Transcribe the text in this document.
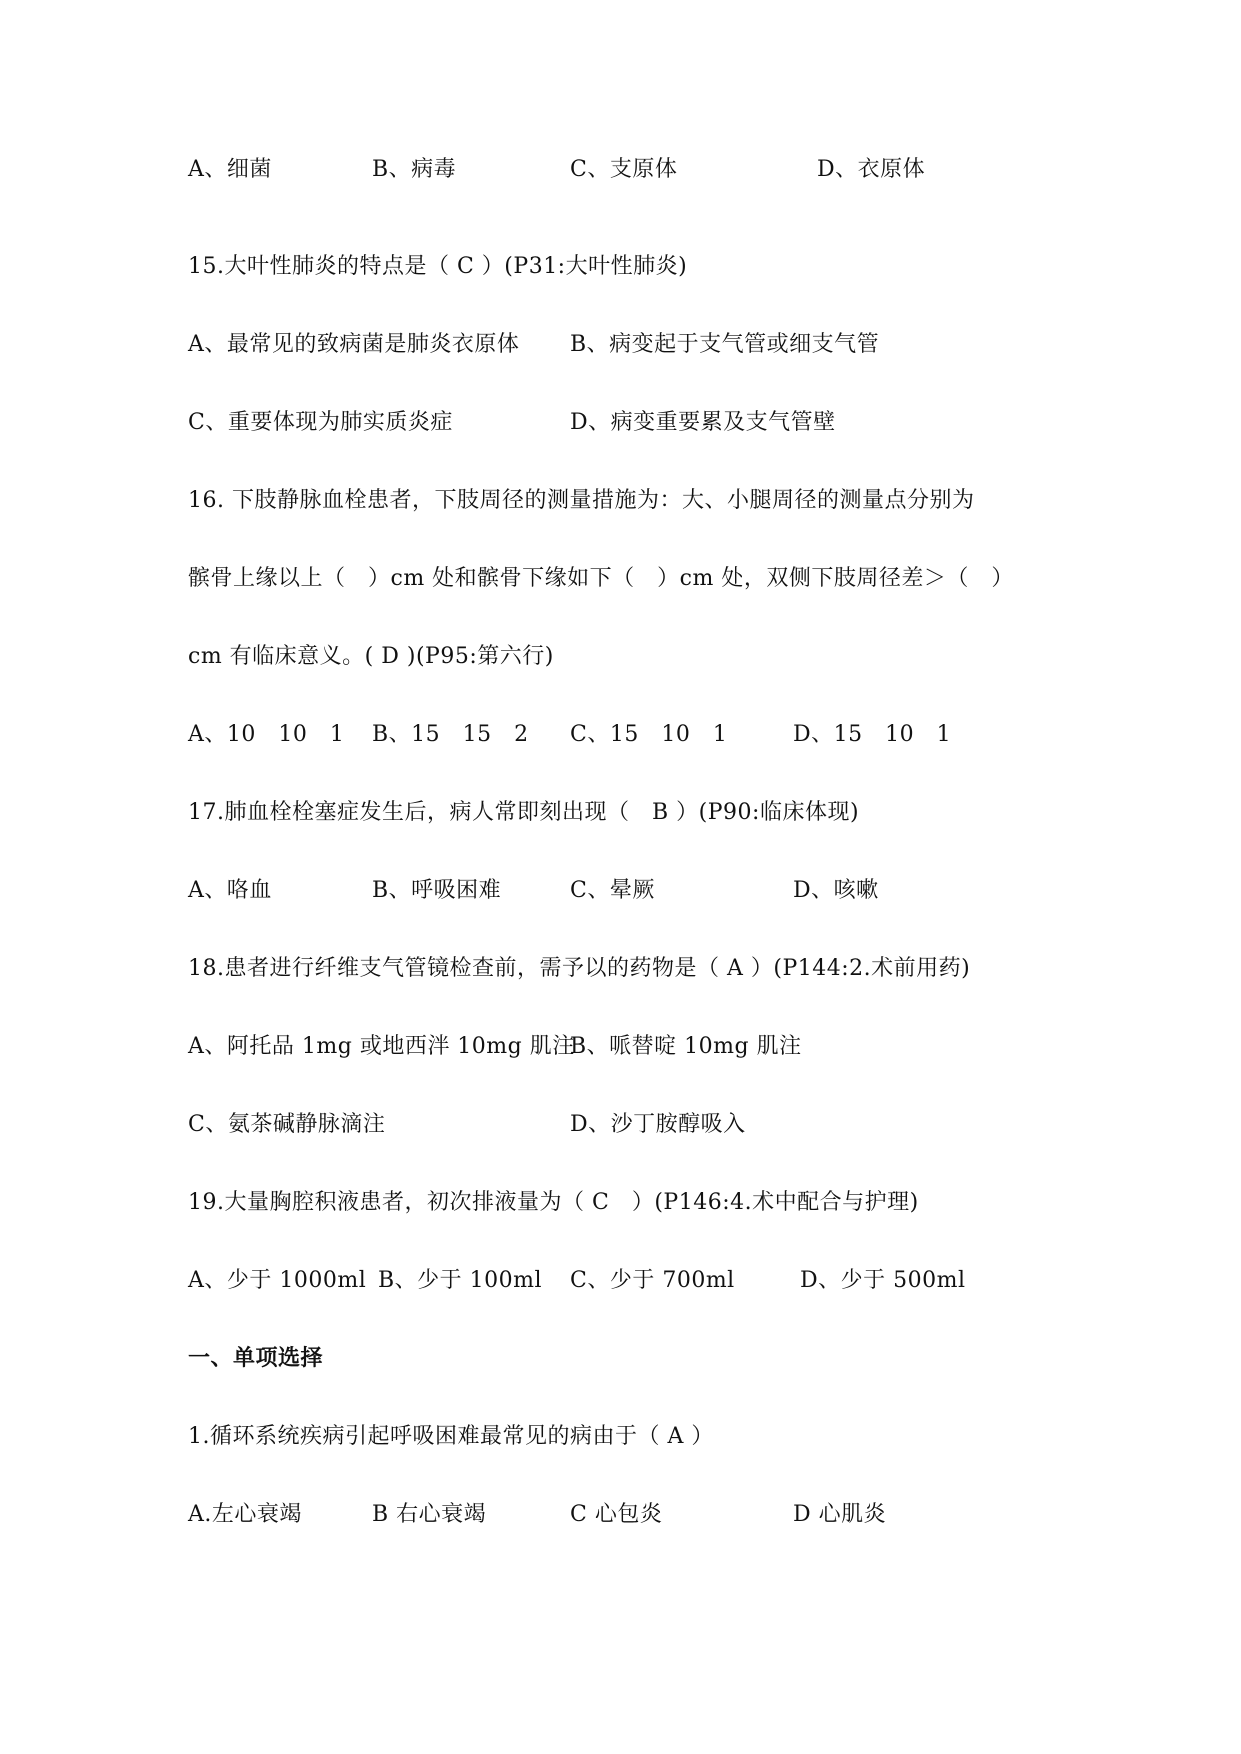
A、细菌	B、病毒	C、支原体	D、衣原体
15.大叶性肺炎的特点是（ C ）(P31:大叶性肺炎)
A、最常见的致病菌是肺炎衣原体 B、病变起于支气管或细支气管
C、重要体现为肺实质炎症	D、病变重要累及支气管壁
16. 下肢静脉血栓患者，下肢周径的测量措施为：大、小腿周径的测量点分别为
髌骨上缘以上（　）cm 处和髌骨下缘如下（　）cm 处，双侧下肢周径差＞（　）
cm 有临床意义。( D )(P95:第六行)
A、10　10　1 B、15　15　2 C、15　10　1	D、15　10　1
17.肺血栓栓塞症发生后，病人常即刻出现（　B ）(P90:临床体现)
A、咯血	B、呼吸困难	C、晕厥	D、咳嗽
18.患者进行纤维支气管镜检查前，需予以的药物是（ A ）(P144:2.术前用药)
A、阿托品 1mg 或地西泮 10mg 肌注
B、哌替啶 10mg 肌注
C、氨茶碱静脉滴注	D、沙丁胺醇吸入
19.大量胸腔积液患者，初次排液量为（ C　）(P146:4.术中配合与护理)
A、少于 1000ml B、少于 100ml C、少于 700ml	D、少于 500ml
一、单项选择
1.循环系统疾病引起呼吸困难最常见的病由于（ A ）
A.左心衰竭	B 右心衰竭	C 心包炎	D 心肌炎
